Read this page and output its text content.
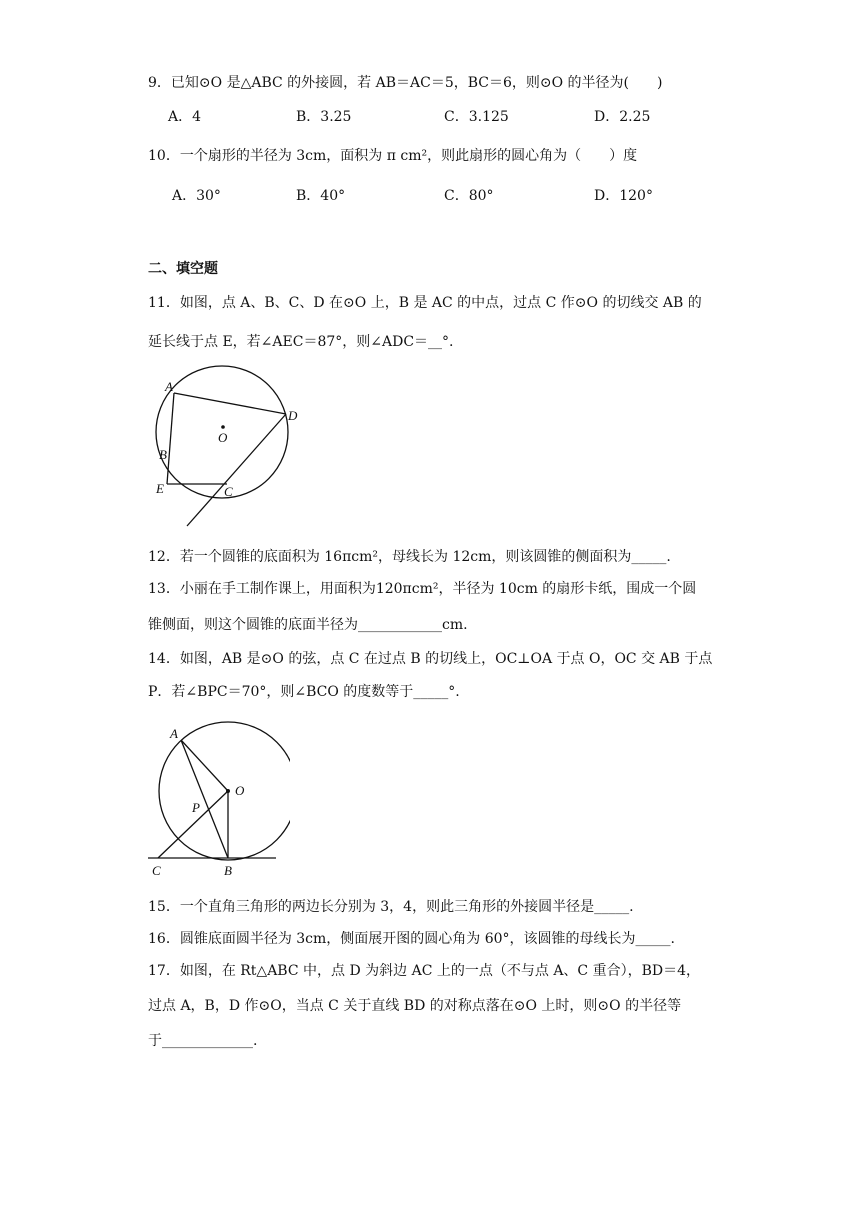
9．已知⊙O 是△ABC 的外接圆，若 AB＝AC＝5，BC＝6，则⊙O 的半径为(　　)
A．4	B．3.25	C．3.125	D．2.25
10．一个扇形的半径为 3cm，面积为 π cm²，则此扇形的圆心角为（　　）度
A．30°	B．40°	C．80°	D．120°
二、填空题
11．如图，点 A、B、C、D 在⊙O 上，B 是 AC 的中点，过点 C 作⊙O 的切线交 AB 的
延长线于点 E，若∠AEC＝87°，则∠ADC＝__°.
A
D
O
B
E	C
12．若一个圆锥的底面积为 16πcm²，母线长为 12cm，则该圆锥的侧面积为_____.
13．小丽在手工制作课上，用面积为120πcm²，半径为 10cm 的扇形卡纸，围成一个圆
锥侧面，则这个圆锥的底面半径为____________cm.
14．如图，AB 是⊙O 的弦，点 C 在过点 B 的切线上，OC⊥OA 于点 O，OC 交 AB 于点
P．若∠BPC＝70°，则∠BCO 的度数等于_____°.
A
O
P
C	B
15．一个直角三角形的两边长分别为 3，4，则此三角形的外接圆半径是_____.
16．圆锥底面圆半径为 3cm，侧面展开图的圆心角为 60°，该圆锥的母线长为_____.
17．如图，在 Rt△ABC 中，点 D 为斜边 AC 上的一点（不与点 A、C 重合），BD＝4，
过点 A，B，D 作⊙O，当点 C 关于直线 BD 的对称点落在⊙O 上时，则⊙O 的半径等
于_____________.
